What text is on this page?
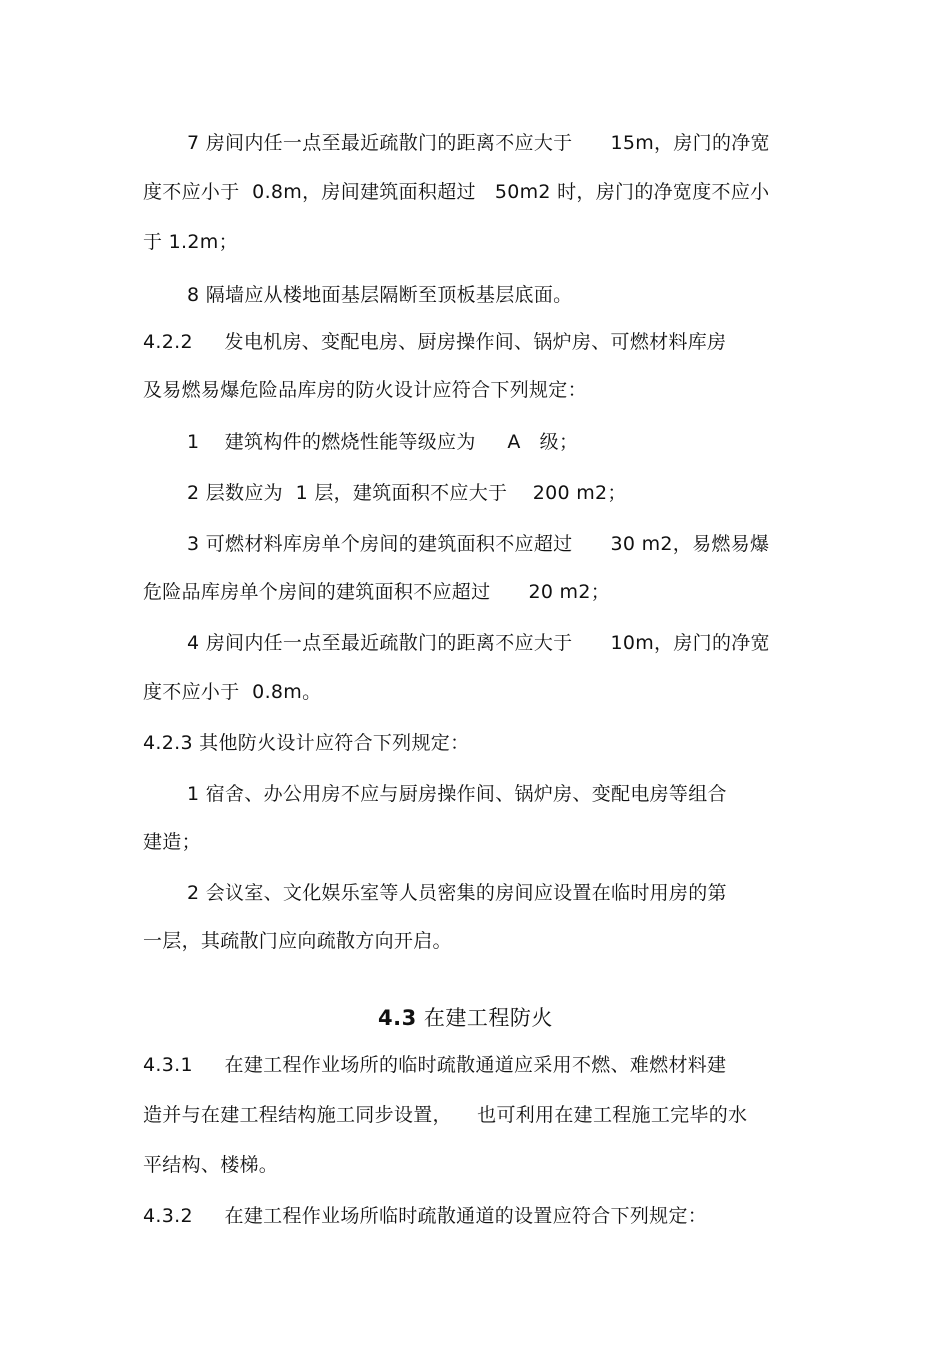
7 房间内任一点至最近疏散门的距离不应大于      15m，房门的净宽
度不应小于  0.8m，房间建筑面积超过   50m2 时，房门的净宽度不应小
于 1.2m；
8 隔墙应从楼地面基层隔断至顶板基层底面。
4.2.2     发电机房、变配电房、厨房操作间、锅炉房、可燃材料库房
及易燃易爆危险品库房的防火设计应符合下列规定：
1    建筑构件的燃烧性能等级应为     A   级；
2 层数应为  1 层，建筑面积不应大于    200 m2；
3 可燃材料库房单个房间的建筑面积不应超过      30 m2，易燃易爆
危险品库房单个房间的建筑面积不应超过      20 m2；
4 房间内任一点至最近疏散门的距离不应大于      10m，房门的净宽
度不应小于  0.8m。
4.2.3 其他防火设计应符合下列规定：
1 宿舍、办公用房不应与厨房操作间、锅炉房、变配电房等组合
建造；
2 会议室、文化娱乐室等人员密集的房间应设置在临时用房的第
一层，其疏散门应向疏散方向开启。
4.3 在建工程防火
4.3.1     在建工程作业场所的临时疏散通道应采用不燃、难燃材料建
造并与在建工程结构施工同步设置，    也可利用在建工程施工完毕的水
平结构、楼梯。
4.3.2     在建工程作业场所临时疏散通道的设置应符合下列规定：
